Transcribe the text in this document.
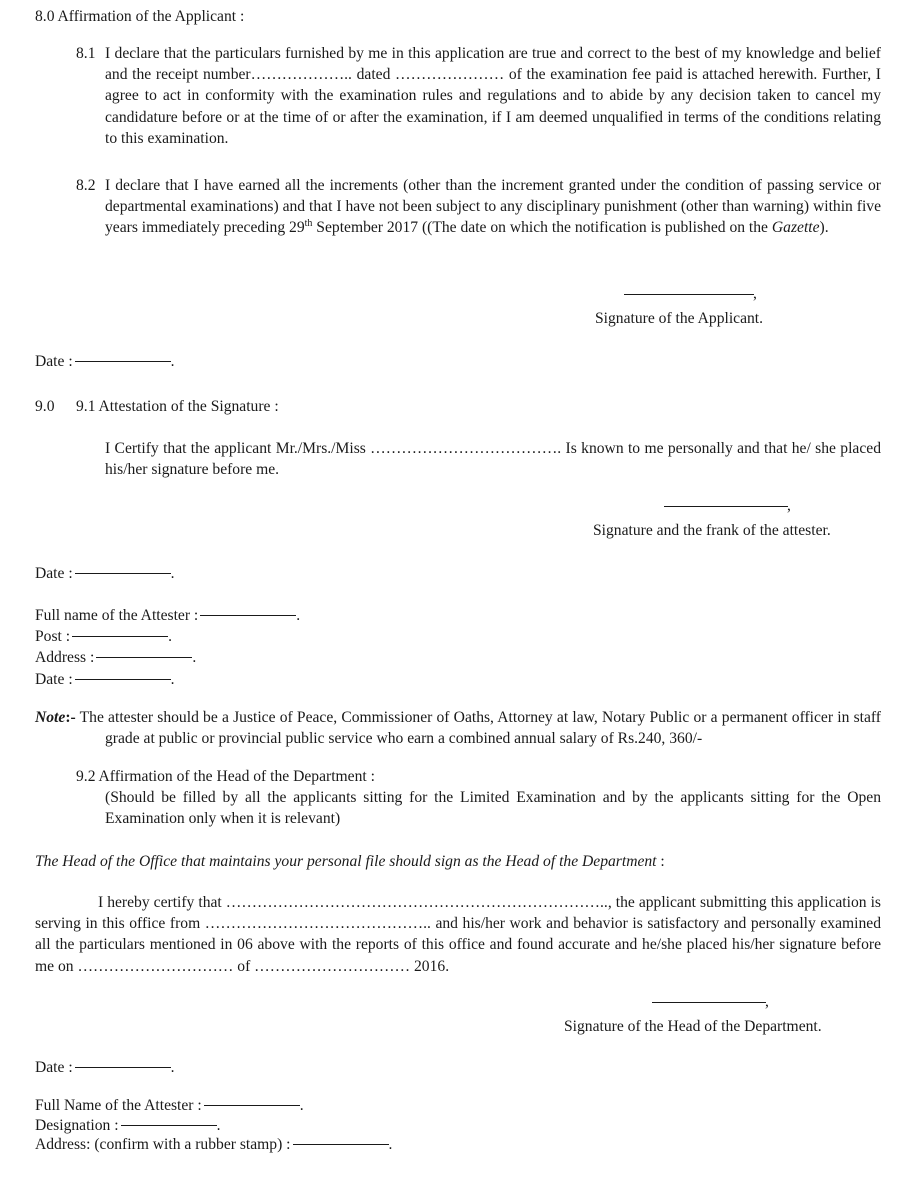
8.0 Affirmation of the Applicant :
8.1 I declare that the particulars furnished by me in this application are true and correct to the best of my knowledge and belief and the receipt number……………….. dated ………………… of the examination fee paid is attached herewith. Further, I agree to act in conformity with the examination rules and regulations and to abide by any decision taken to cancel my candidature before or at the time of or after the examination, if I am deemed unqualified in terms of the conditions relating to this examination.
8.2 I declare that I have earned all the increments (other than the increment granted under the condition of passing service or departmental examinations) and that I have not been subject to any disciplinary punishment (other than warning) within five years immediately preceding 29th September 2017 ((The date on which the notification is published on the Gazette).
,
Signature of the Applicant.
Date :	.
9.0 9.1 Attestation of the Signature :
I Certify that the applicant Mr./Mrs./Miss ………………………………. Is known to me personally and that he/ she placed his/her signature before me.
,
Signature and the frank of the attester.
Date :	.
Full name of the Attester :	.
Post :	.
Address :	.
Date :	.
Note:- The attester should be a Justice of Peace, Commissioner of Oaths, Attorney at law, Notary Public or a permanent officer in staff grade at public or provincial public service who earn a combined annual salary of Rs.240, 360/-
9.2 Affirmation of the Head of the Department :
(Should be filled by all the applicants sitting for the Limited Examination and by the applicants sitting for the Open Examination only when it is relevant)
The Head of the Office that maintains your personal file should sign as the Head of the Department :
I hereby certify that ……………………………………………………………….., the applicant submitting this application is serving in this office from …………………………………….. and his/her work and behavior is satisfactory and personally examined all the particulars mentioned in 06 above with the reports of this office and found accurate and he/she placed his/her signature before me on ………………………… of ………………………… 2016.
,
Signature of the Head of the Department.
Date :	.
Full Name of the Attester :	.
Designation :	.
Address: (confirm with a rubber stamp) :	.
